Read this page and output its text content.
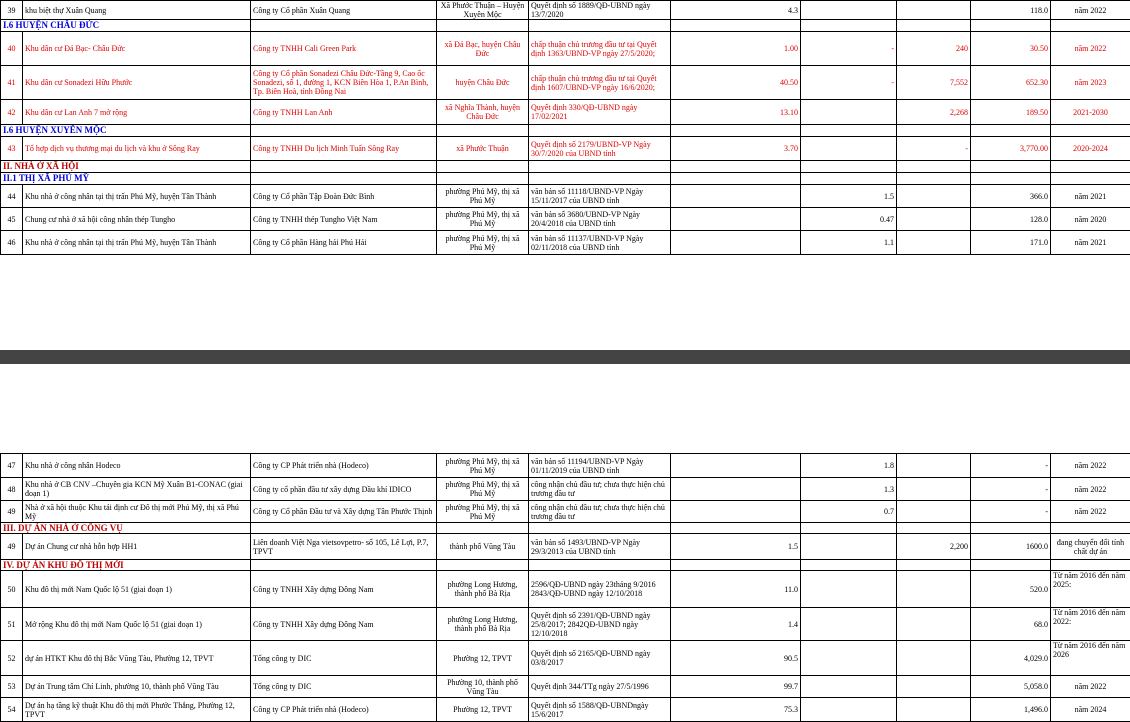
39	khu biệt thự Xuân Quang	Công ty Cổ phần Xuân Quang	Xã Phước Thuận – Huyện Xuyên Mộc	Quyết định số 1889/QĐ-UBND ngày 13/7/2020	4.3			118.0	năm 2022
I.6 HUYỆN CHÂU ĐỨC									
40	Khu dân cư Đá Bạc- Châu Đức	Công ty TNHH Cali Green Park	xã Đá Bạc, huyện Châu Đức	chấp thuận chủ trương đầu tư tại Quyết định 1363/UBND-VP ngày 27/5/2020;	1.00	-	240	30.50	năm 2022
41	Khu dân cư Sonadezi Hữu Phước	Công ty Cổ phần Sonadezi Châu Đức-Tầng 9, Cao ốc Sonadezi, số 1, đường 1, KCN Biên Hòa 1, P.An Bình, Tp. Biên Hoà, tỉnh Đồng Nai	huyện Châu Đức	chấp thuận chủ trương đầu tư tại Quyết định 1607/UBND-VP ngày 16/6/2020;	40.50	-	7,552	652.30	năm 2023
42	Khu dân cư Lan Anh 7 mở rộng	Công ty TNHH Lan Anh	xã Nghĩa Thành, huyện Châu Đức	Quyết định 330/QĐ-UBND ngày 17/02/2021	13.10		2,268	189.50	2021-2030
I.6 HUYỆN XUYÊN MỘC									
43	Tổ hợp dịch vụ thương mại du lịch và khu ở Sông Ray	Công ty TNHH Du lịch Minh Tuấn Sông Ray	xã Phước Thuận	Quyết định số 2179/UBND-VP Ngày 30/7/2020 của UBND tỉnh	3.70		-	3,770.00	2020-2024
II. NHÀ Ở XÃ HỘI									
II.1 THỊ XÃ PHÚ MỸ									
44	Khu nhà ở công nhân tại thị trấn Phú Mỹ, huyện Tân Thành	Công ty Cổ phần Tập Đoàn Đức Bình	phường Phú Mỹ, thị xã Phú Mỹ	văn bản số 11118/UBND-VP Ngày 15/11/2017 của UBND tỉnh		1.5		366.0	năm 2021
45	Chung cư nhà ở xã hội công nhân thép Tungho	Công ty TNHH thép Tungho Việt Nam	phường Phú Mỹ, thị xã Phú Mỹ	văn bản số 3680/UBND-VP Ngày 20/4/2018 của UBND tỉnh		0.47		128.0	năm 2020
46	Khu nhà ở công nhân tại thị trấn Phú Mỹ, huyện Tân Thành	Công ty Cổ phần Hàng hải Phú Hải	phường Phú Mỹ, thị xã Phú Mỹ	văn bản số 11137/UBND-VP Ngày 02/11/2018 của UBND tỉnh		1.1		171.0	năm 2021
47	Khu nhà ở công nhân Hodeco	Công ty CP Phát triển nhà (Hodeco)	phường Phú Mỹ, thị xã Phú Mỹ	văn bản số 11194/UBND-VP Ngày 01/11/2019 của UBND tỉnh		1.8		-	năm 2022
48	Khu nhà ở CB CNV –Chuyên gia KCN Mỹ Xuân B1-CONAC (giai đoạn 1)	Công ty cổ phần đầu tư xây dựng Dầu khí IDICO	phường Phú Mỹ, thị xã Phú Mỹ	công nhận chủ đầu tư; chưa thực hiện chủ trương đầu tư		1.3		-	năm 2022
49	Nhà ở xã hội thuộc Khu tái định cư Đô thị mới Phú Mỹ, thị xã Phú Mỹ	Công ty Cổ phần Đầu tư và Xây dựng Tân Phước Thịnh	phường Phú Mỹ, thị xã Phú Mỹ	công nhận chủ đầu tư; chưa thực hiện chủ trương đầu tư		0.7		-	năm 2022
III. DỰ ÁN NHÀ Ở CÔNG VỤ									
49	Dự án Chung cư nhà hỗn hợp HH1	Liên doanh Việt Nga vietsovpetro- số 105, Lê Lợi, P.7, TPVT	thành phố Vũng Tàu	văn bản số 1493/UBND-VP Ngày 29/3/2013 của UBND tỉnh	1.5		2,200	1600.0	đang chuyển đổi tính chất dự án
IV. DỰ ÁN KHU ĐÔ THỊ MỚI									
50	Khu đô thị mới Nam Quốc lộ 51 (giai đoạn 1)	Công ty TNHH Xây dựng Đông Nam	phường Long Hương, thành phố Bà Rịa	2596/QĐ-UBND ngày 23tháng 9/2016 2843/QĐ-UBND ngày 12/10/2018	11.0			520.0	Từ năm 2016 đến năm 2025:
51	Mở rộng Khu đô thị mới Nam Quốc lộ 51 (giai đoạn 1)	Công ty TNHH Xây dựng Đông Nam	phường Long Hương, thành phố Bà Rịa	Quyết định số 2391/QĐ-UBND ngày 25/8/2017; 2842QĐ-UBND ngày 12/10/2018	1.4			68.0	Từ năm 2016 đến năm 2022:
52	dự án HTKT Khu đô thị Bắc Vũng Tàu, Phường 12, TPVT	Tổng công ty DIC	Phường 12, TPVT	Quyết định số 2165/QĐ-UBND ngày 03/8/2017	90.5			4,029.0	Từ năm 2016 đến năm 2026
53	Dự án Trung tâm Chí Linh, phường 10, thành phố Vũng Tàu	Tổng công ty DIC	Phường 10, thành phố Vũng Tàu	Quyết định 344/TTg ngày 27/5/1996	99.7			5,058.0	năm 2022
54	Dự án hạ tầng kỹ thuật Khu đô thị mới Phước Thắng, Phường 12, TPVT	Công ty CP Phát triển nhà (Hodeco)	Phường 12, TPVT	Quyết định số 1588/QĐ-UBNDngày 15/6/2017	75.3			1,496.0	năm 2024
